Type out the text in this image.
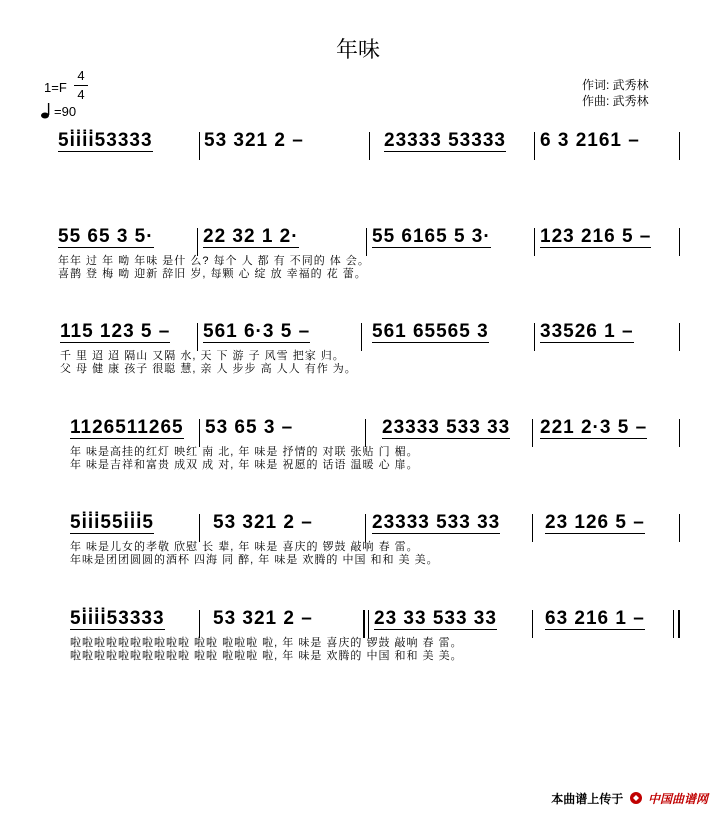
年味
1=F
4
4
=90
作词: 武秀林
作曲: 武秀林
5i̇i̇i̇i̇53333	53 321 2 –	23333 53333 6 3 2161 –
55 65 3 5·	22 32 1 2·	55 6165 5 3·	123 216 5 –
年年 过 年 呦 年味 是什 么? 每个 人 都 有 不同的 体 会。
喜鹊 登 梅 呦 迎新 辞旧 岁, 每颗 心 绽 放 幸福的 花 蕾。
115 123 5 – 561 6·3 5 –	561 65565 3	33526 1 –
千 里 迢 迢 隔山 又隔 水, 天 下 游 子 风雪 把家 归。
父 母 健 康 孩子 很聪 慧, 亲 人 步步 高 人人 有作 为。
1126511265 53 65 3 –	23333 533 33 221 2·3 5 –
年 味是高挂的红灯 映红 南 北, 年 味是 抒情的 对联 张贴 门 楣。
年 味是吉祥和富贵 成双 成 对, 年 味是 祝愿的 话语 温暖 心 扉。
5i̇i̇i̇55i̇i̇i̇5	53 321 2 –	23333 533 33 23 126 5 –
年 味是儿女的孝敬 欣慰 长 辈, 年 味是 喜庆的 锣鼓 敲响 春 雷。
年味是团团圆圆的酒杯 四海 同 醉, 年 味是 欢腾的 中国 和和 美 美。
5i̇i̇i̇i̇53333	53 321 2 –	23 33 533 33	63 216 1 –
啦啦啦啦啦啦啦啦啦啦 啦啦 啦啦啦 啦, 年 味是 喜庆的 锣鼓 敲响 春 雷。
啦啦啦啦啦啦啦啦啦啦 啦啦 啦啦啦 啦, 年 味是 欢腾的 中国 和和 美 美。
本曲谱上传于 中国曲谱网
